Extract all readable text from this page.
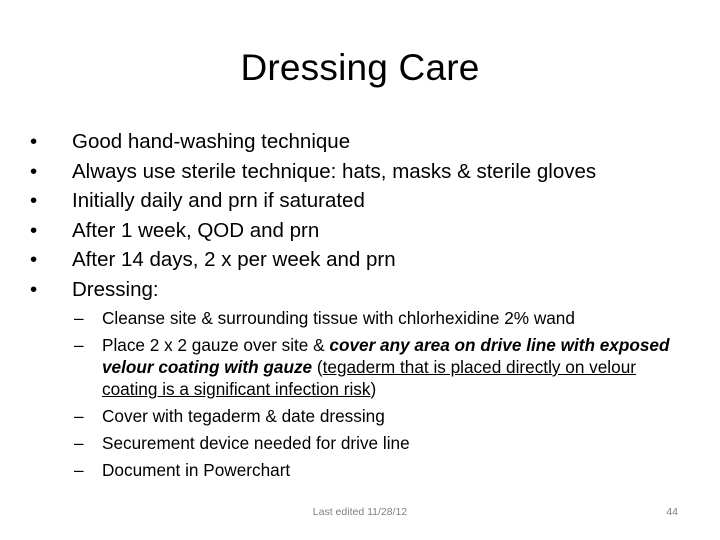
Dressing Care
•	Good hand-washing technique
•	Always use sterile technique: hats, masks & sterile gloves
•	Initially daily and prn if saturated
•	After 1 week, QOD and prn
•	After 14 days, 2 x per week and prn
•	Dressing:
– Cleanse site & surrounding tissue with chlorhexidine 2% wand
– Place 2 x 2 gauze over site & cover any area on drive line with exposed velour coating with gauze (tegaderm that is placed directly on velour coating is a significant infection risk)
– Cover with tegaderm & date dressing
– Securement device needed for drive line
– Document in Powerchart
Last edited 11/28/12	44
